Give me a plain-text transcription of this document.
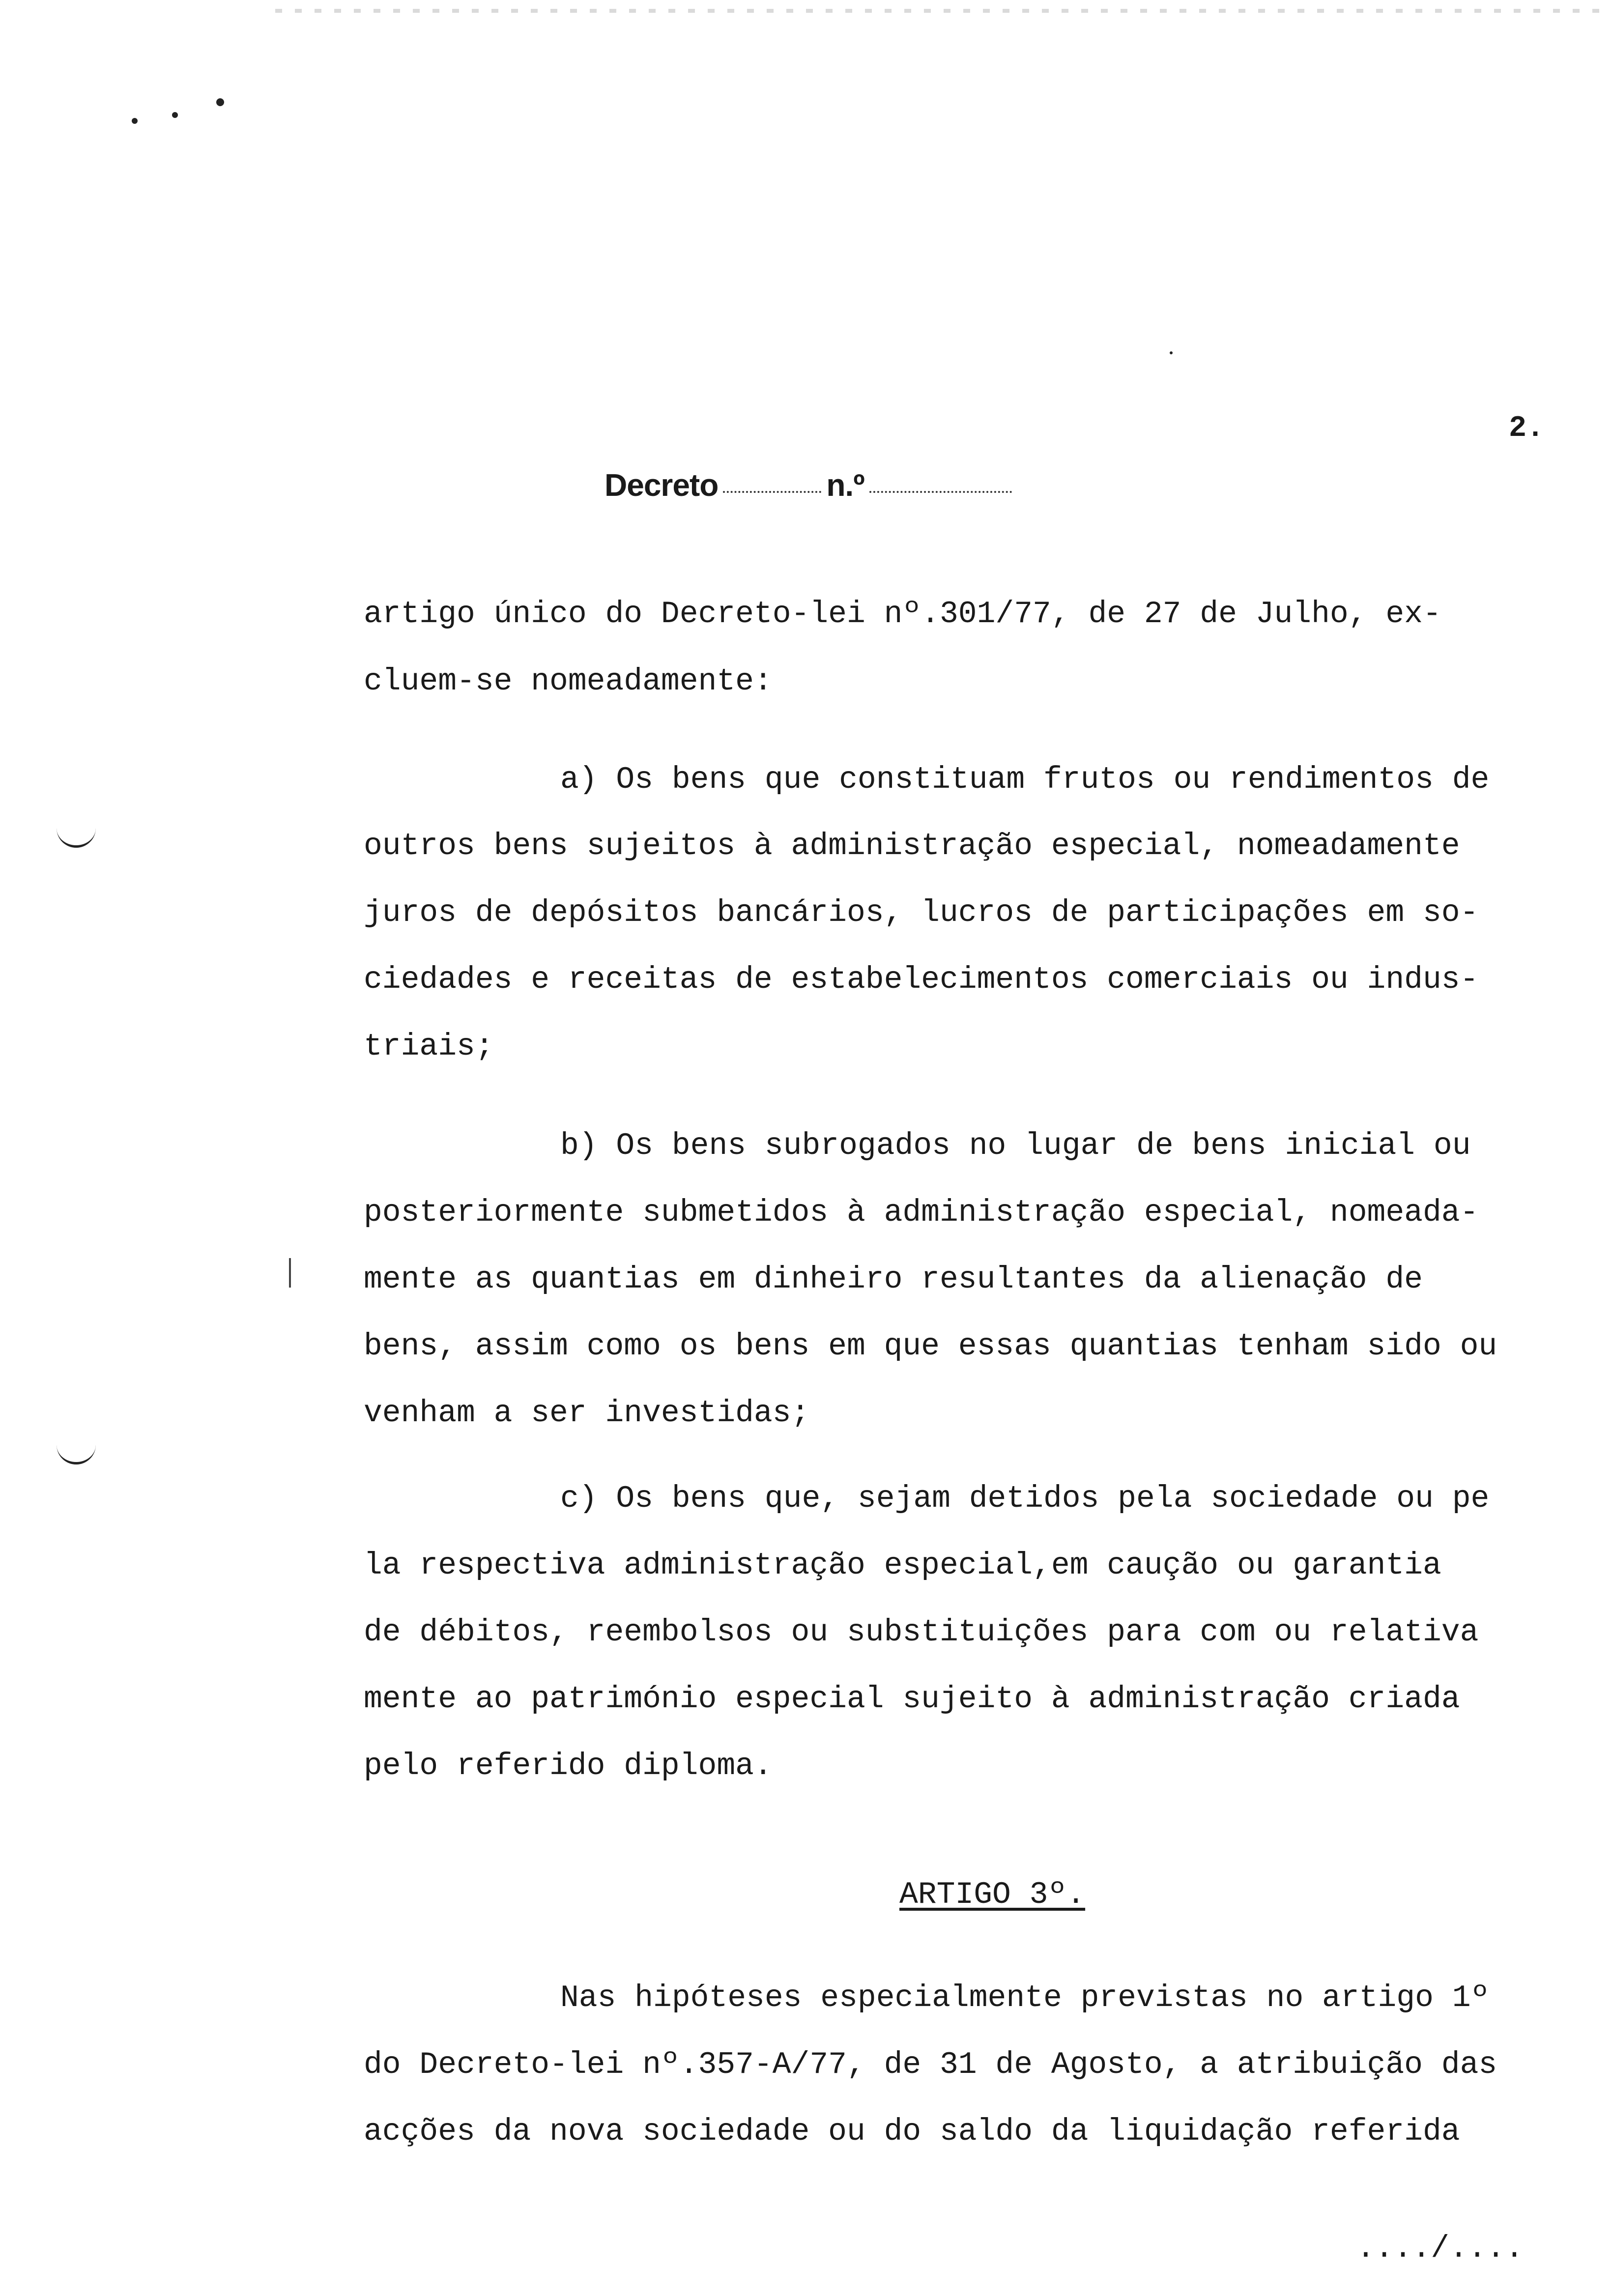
2.
Decreto	n.º
artigo único do Decreto-lei nº.301/77, de 27 de Julho, ex-
cluem-se nomeadamente:
a) Os bens que constituam frutos ou rendimentos de
outros bens sujeitos à administração especial, nomeadamente
juros de depósitos bancários, lucros de participações em so-
ciedades e receitas de estabelecimentos comerciais ou indus-
triais;
b) Os bens subrogados no lugar de bens inicial ou
posteriormente submetidos à administração especial, nomeada-
mente as quantias em dinheiro resultantes da alienação de
bens, assim como os bens em que essas quantias tenham sido ou
venham a ser investidas;
c) Os bens que, sejam detidos pela sociedade ou pe
la respectiva administração especial,em caução ou garantia
de débitos, reembolsos ou substituições para com ou relativa
mente ao património especial sujeito à administração criada
pelo referido diploma.
ARTIGO 3º.
Nas hipóteses especialmente previstas no artigo 1º
do Decreto-lei nº.357-A/77, de 31 de Agosto, a atribuição das
acções da nova sociedade ou do saldo da liquidação referida
..../....
